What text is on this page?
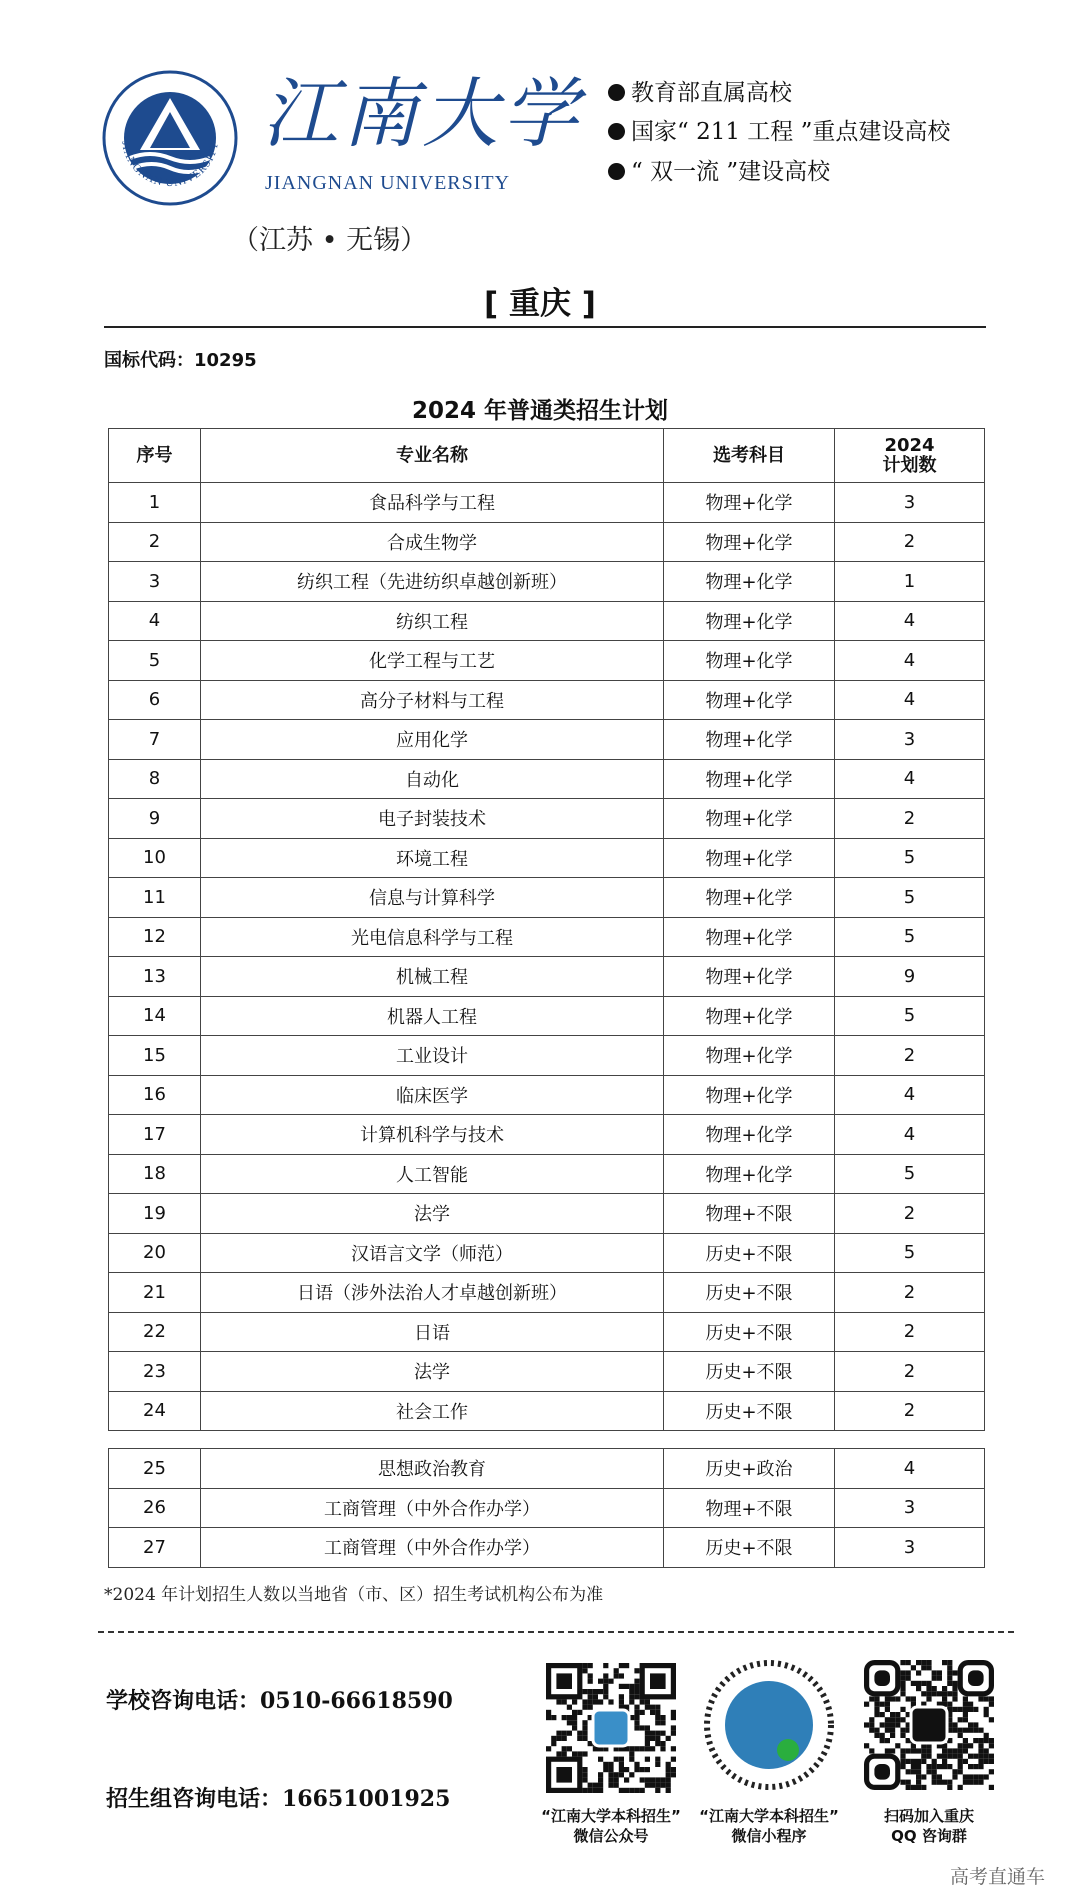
JIANGNAN UNIVERSITY 江南大学
JIANGNAN UNIVERSITY
（江苏 • 无锡）
教育部直属高校
国家“ 211 工程 ”重点建设高校
“ 双一流 ”建设高校
[ 重庆 ]
国标代码：10295
2024 年普通类招生计划
序号	专业名称	选考科目	2024
计划数
1	食品科学与工程	物理+化学	3
2	合成生物学	物理+化学	2
3	纺织工程（先进纺织卓越创新班）	物理+化学	1
4	纺织工程	物理+化学	4
5	化学工程与工艺	物理+化学	4
6	高分子材料与工程	物理+化学	4
7	应用化学	物理+化学	3
8	自动化	物理+化学	4
9	电子封装技术	物理+化学	2
10	环境工程	物理+化学	5
11	信息与计算科学	物理+化学	5
12	光电信息科学与工程	物理+化学	5
13	机械工程	物理+化学	9
14	机器人工程	物理+化学	5
15	工业设计	物理+化学	2
16	临床医学	物理+化学	4
17	计算机科学与技术	物理+化学	4
18	人工智能	物理+化学	5
19	法学	物理+不限	2
20	汉语言文学（师范）	历史+不限	5
21	日语（涉外法治人才卓越创新班）	历史+不限	2
22	日语	历史+不限	2
23	法学	历史+不限	2
24	社会工作	历史+不限	2
25	思想政治教育	历史+政治	4
26	工商管理（中外合作办学）	物理+不限	3
27	工商管理（中外合作办学）	历史+不限	3
*2024 年计划招生人数以当地省（市、区）招生考试机构公布为准
学校咨询电话：0510-66618590
招生组咨询电话：16651001925
“江南大学本科招生”
微信公众号
“江南大学本科招生”
微信小程序
扫码加入重庆
QQ 咨询群
高考直通车
